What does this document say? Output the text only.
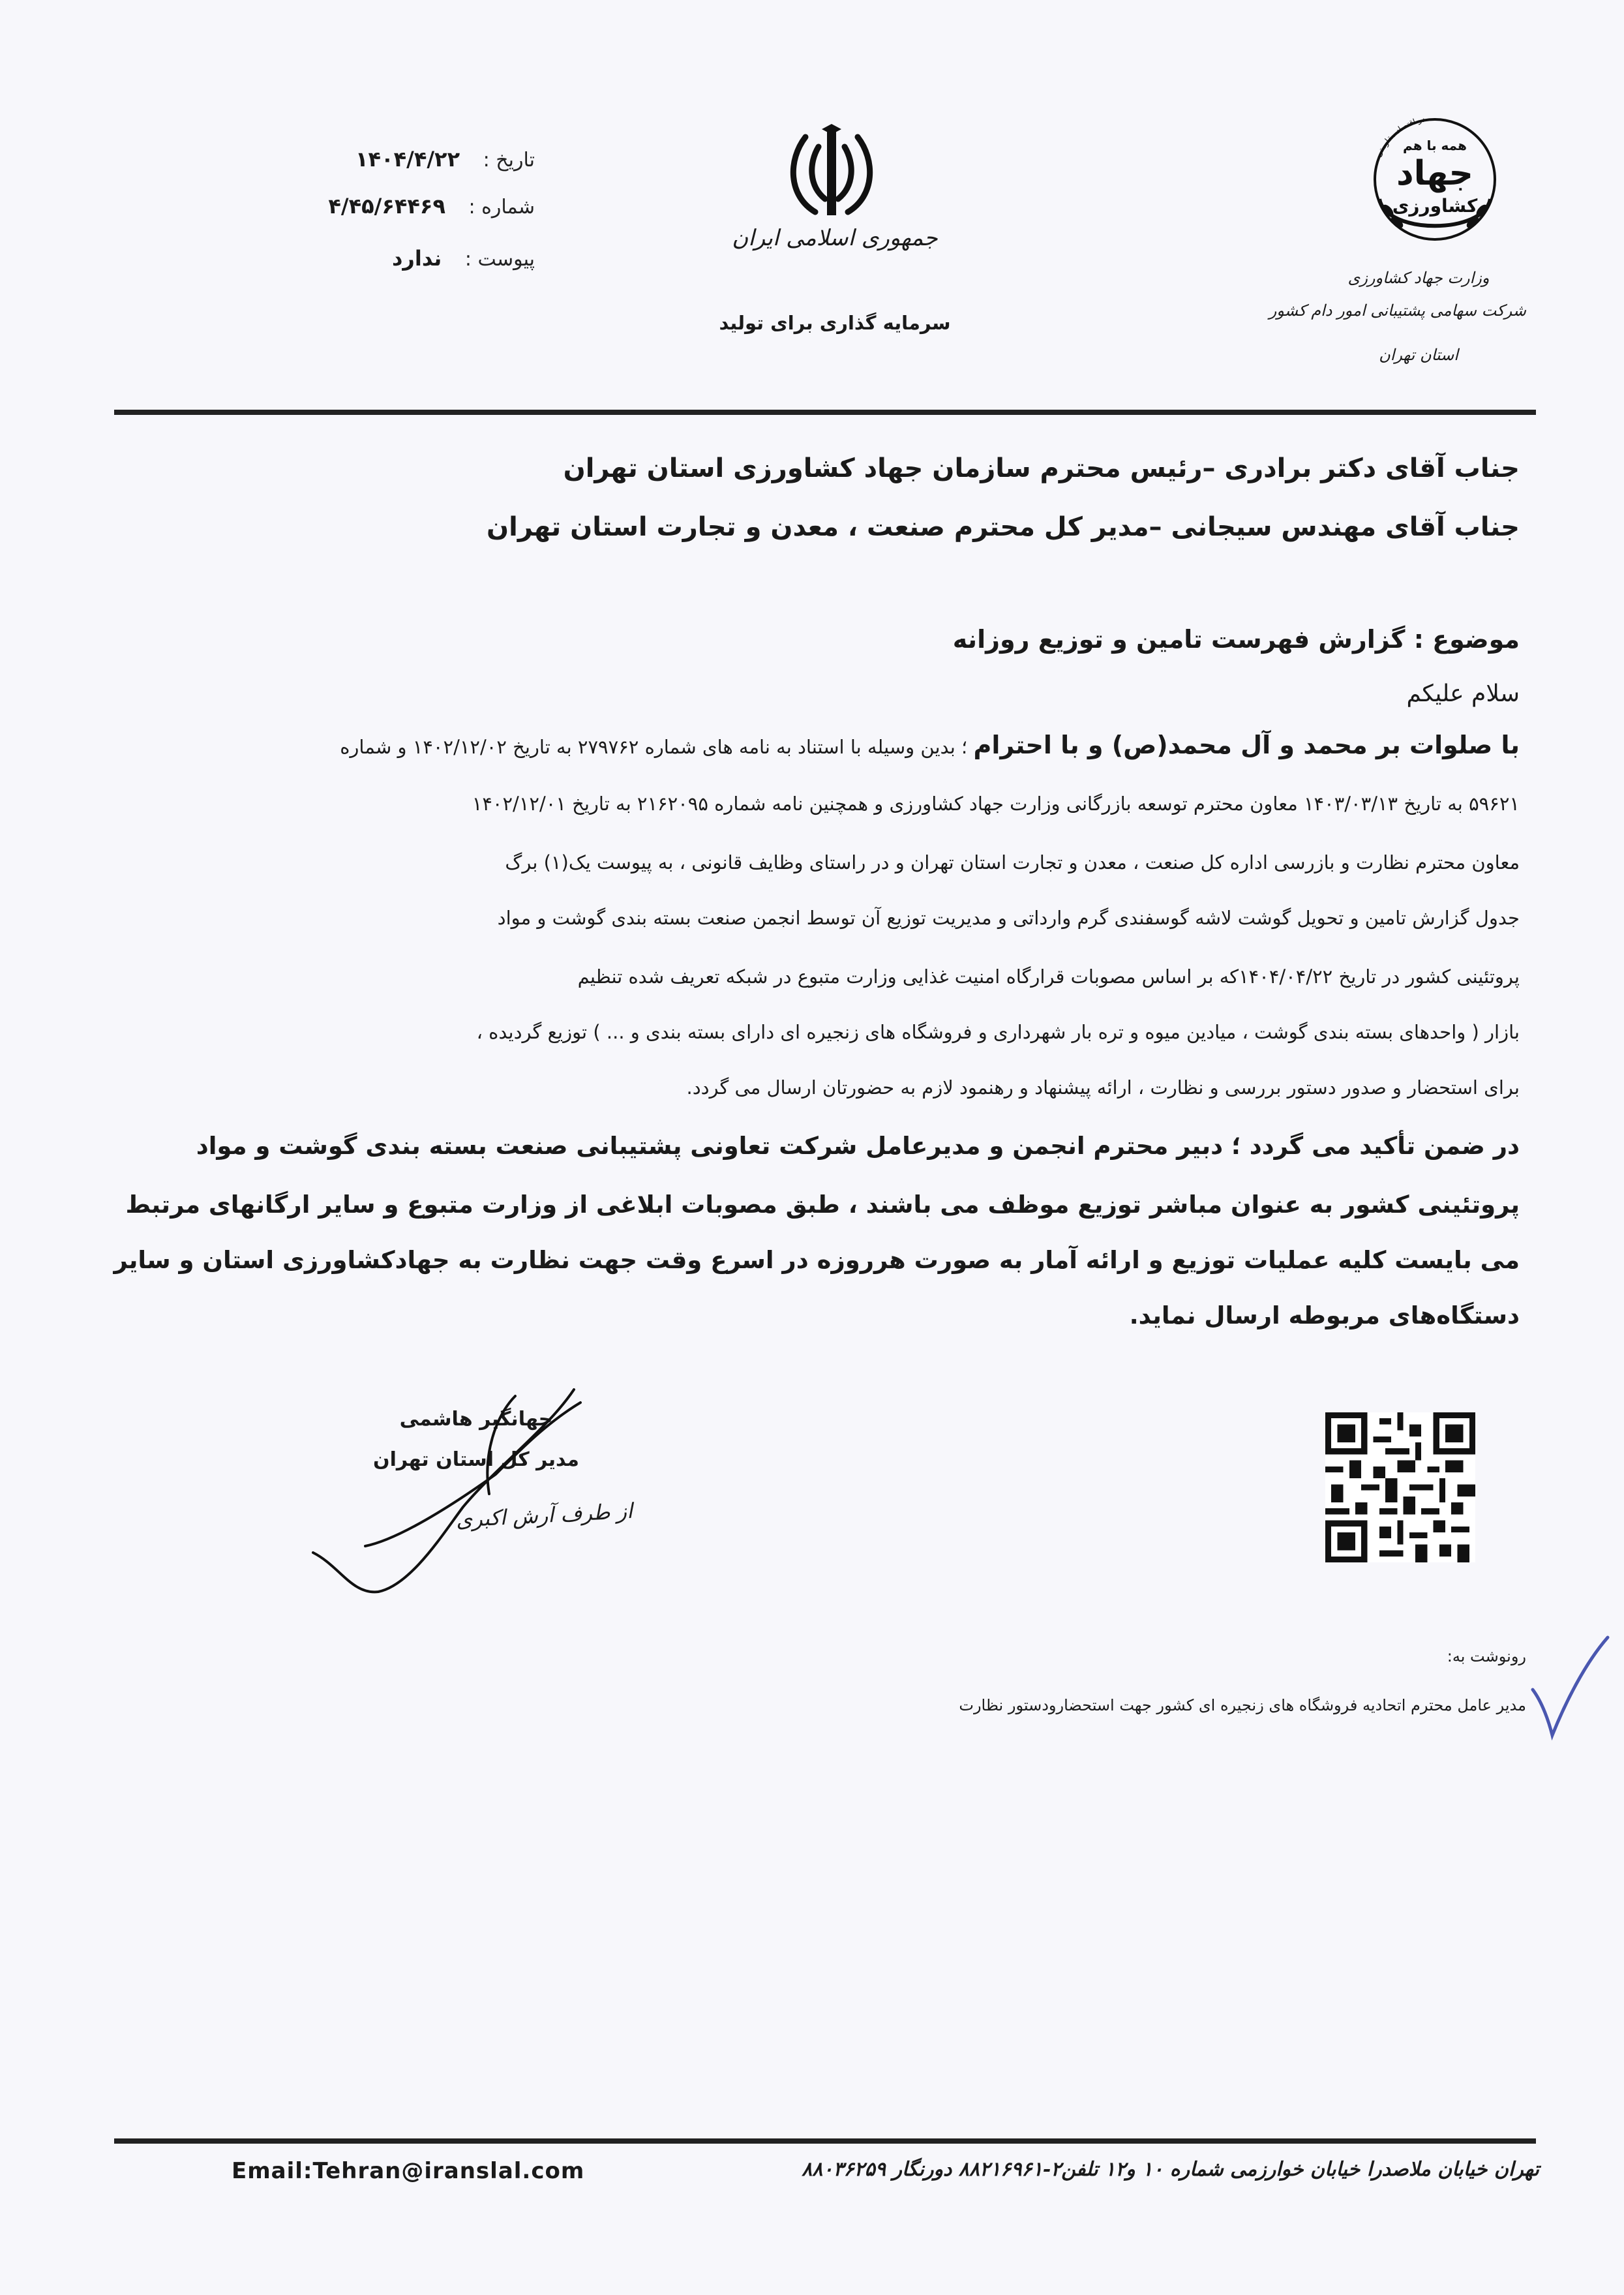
تاریخ : ۱۴۰۴/۴/۲۲
شماره : ۴/۴۵/۶۴۴۶۹
پیوست : ندارد
جمهوری اسلامی ایران
سرمایه گذاری برای تولید
در اقتصاد مقاومتی
همه با هم
جهاد
کشاورزی
وزارت جهاد کشاورزی
شرکت سهامی پشتیبانی امور دام کشور
استان تهران
جناب آقای دکتر برادری –رئیس محترم سازمان جهاد کشاورزی استان تهران
جناب آقای مهندس سیجانی –مدیر کل محترم صنعت ، معدن و تجارت استان تهران
موضوع : گزارش فهرست تامین و توزیع روزانه
سلام علیکم
با صلوات بر محمد و آل محمد(ص) و با احترام ؛ بدین وسیله با استناد به نامه های شماره ۲۷۹۷۶۲ به تاریخ ۱۴۰۲/۱۲/۰۲ و شماره
۵۹۶۲۱ به تاریخ ۱۴۰۳/۰۳/۱۳ معاون محترم توسعه بازرگانی وزارت جهاد کشاورزی و همچنین نامه شماره ۲۱۶۲۰۹۵ به تاریخ ۱۴۰۲/۱۲/۰۱
معاون محترم نظارت و بازرسی اداره کل صنعت ، معدن و تجارت استان تهران و در راستای وظایف قانونی ، به پیوست یک(۱) برگ
جدول گزارش تامین و تحویل گوشت لاشه گوسفندی گرم وارداتی و مدیریت توزیع آن توسط انجمن صنعت بسته بندی گوشت و مواد
پروتئینی کشور در تاریخ ۱۴۰۴/۰۴/۲۲که بر اساس مصوبات قرارگاه امنیت غذایی وزارت متبوع در شبکه تعریف شده تنظیم
بازار ( واحدهای بسته بندی گوشت ، میادین میوه و تره بار شهرداری و فروشگاه های زنجیره ای دارای بسته بندی و ... ) توزیع گردیده ،
برای استحضار و صدور دستور بررسی و نظارت ، ارائه پیشنهاد و رهنمود لازم به حضورتان ارسال می گردد.
در ضمن تأکید می گردد ؛ دبیر محترم انجمن و مدیرعامل شرکت تعاونی پشتیبانی صنعت بسته بندی گوشت و مواد
پروتئینی کشور به عنوان مباشر توزیع موظف می باشند ، طبق مصوبات ابلاغی از وزارت متبوع و سایر ارگانهای مرتبط
می بایست کلیه عملیات توزیع و ارائه آمار به صورت هرروزه در اسرع وقت جهت نظارت به جهادکشاورزی استان و سایر
دستگاه‌های مربوطه ارسال نماید.
جهانگیر هاشمی
مدیر کل استان تهران
از طرف آرش اکبری
رونوشت به:
مدیر عامل محترم اتحادیه فروشگاه های زنجیره ای کشور جهت استحضارودستور نظارت
تهران خیابان ملاصدرا خیابان خوارزمی شماره ۱۰ و۱۲ تلفن۲-۸۸۲۱۶۹۶۱ دورنگار ۸۸۰۳۶۲۵۹
Email:Tehran@iranslal.com
